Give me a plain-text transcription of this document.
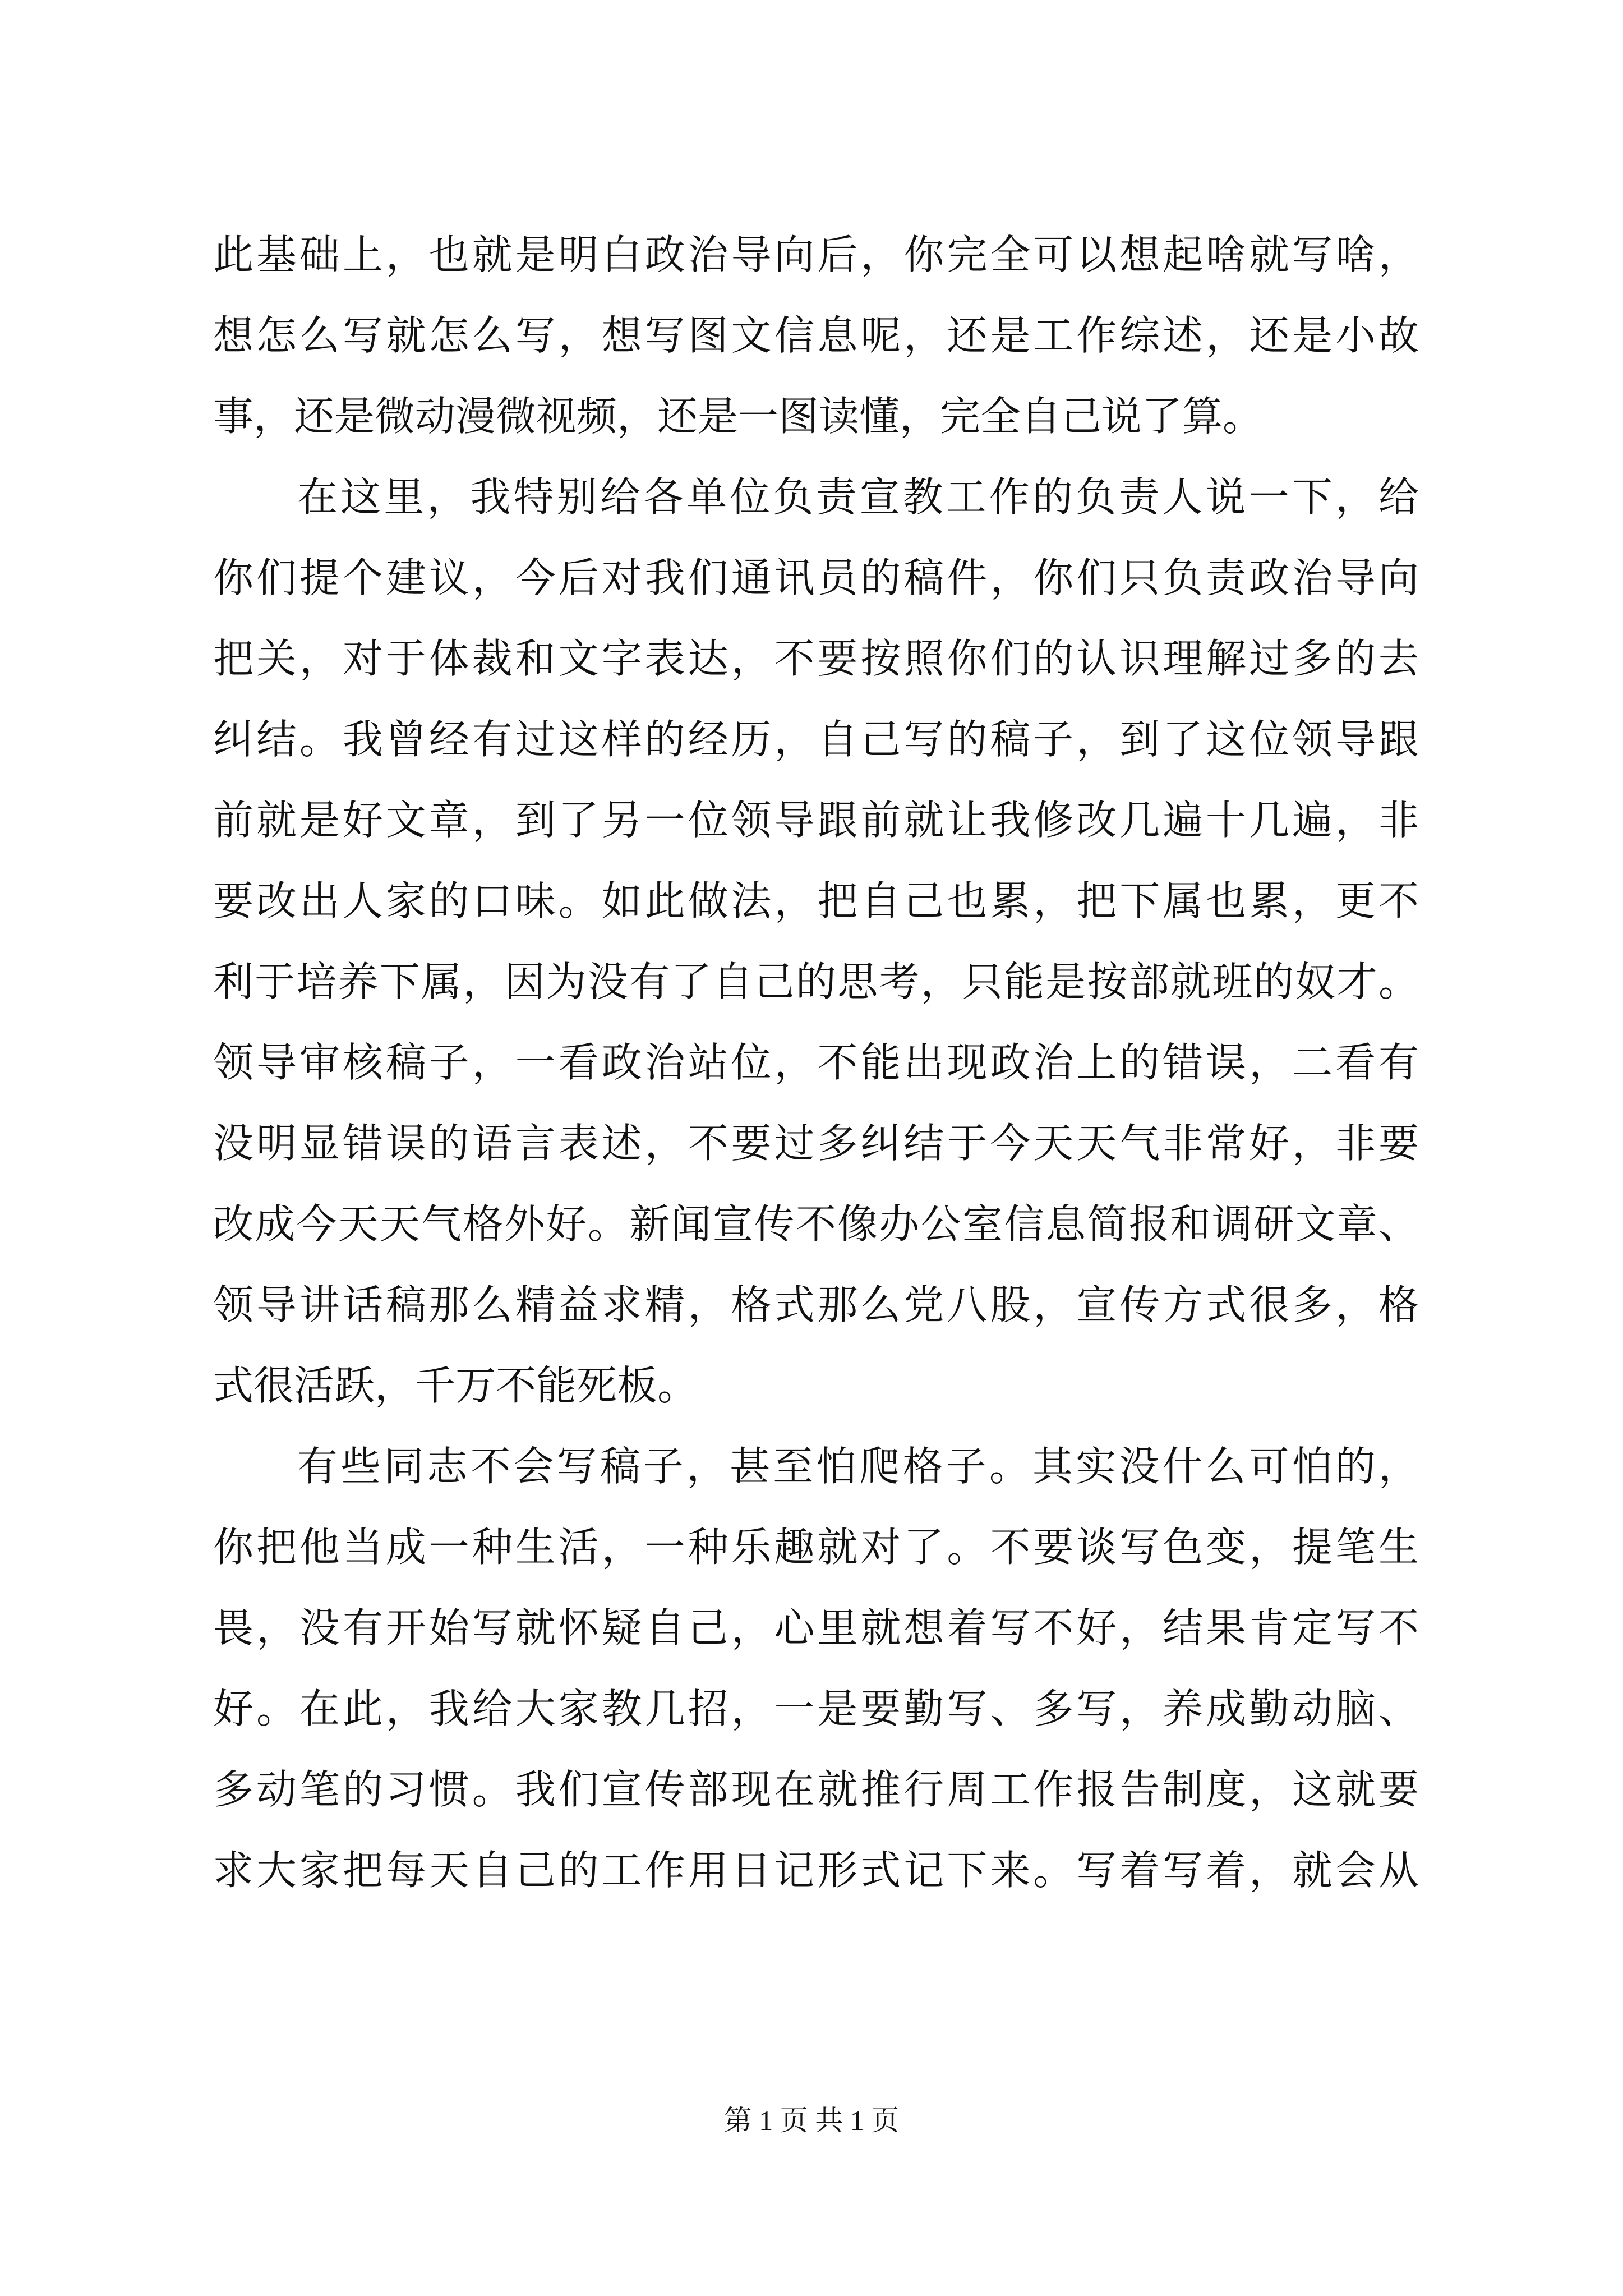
此基础上，也就是明白政治导向后，你完全可以想起啥就写啥，
想怎么写就怎么写，想写图文信息呢，还是工作综述，还是小故
事，还是微动漫微视频，还是一图读懂，完全自己说了算。
在这里，我特别给各单位负责宣教工作的负责人说一下，给
你们提个建议，今后对我们通讯员的稿件，你们只负责政治导向
把关，对于体裁和文字表达，不要按照你们的认识理解过多的去
纠结。我曾经有过这样的经历，自己写的稿子，到了这位领导跟
前就是好文章，到了另一位领导跟前就让我修改几遍十几遍，非
要改出人家的口味。如此做法，把自己也累，把下属也累，更不
利于培养下属，因为没有了自己的思考，只能是按部就班的奴才。
领导审核稿子，一看政治站位，不能出现政治上的错误，二看有
没明显错误的语言表述，不要过多纠结于今天天气非常好，非要
改成今天天气格外好。新闻宣传不像办公室信息简报和调研文章、
领导讲话稿那么精益求精，格式那么党八股，宣传方式很多，格
式很活跃，千万不能死板。
有些同志不会写稿子，甚至怕爬格子。其实没什么可怕的，
你把他当成一种生活，一种乐趣就对了。不要谈写色变，提笔生
畏，没有开始写就怀疑自己，心里就想着写不好，结果肯定写不
好。在此，我给大家教几招，一是要勤写、多写，养成勤动脑、
多动笔的习惯。我们宣传部现在就推行周工作报告制度，这就要
求大家把每天自己的工作用日记形式记下来。写着写着，就会从
第 1 页 共 1 页
